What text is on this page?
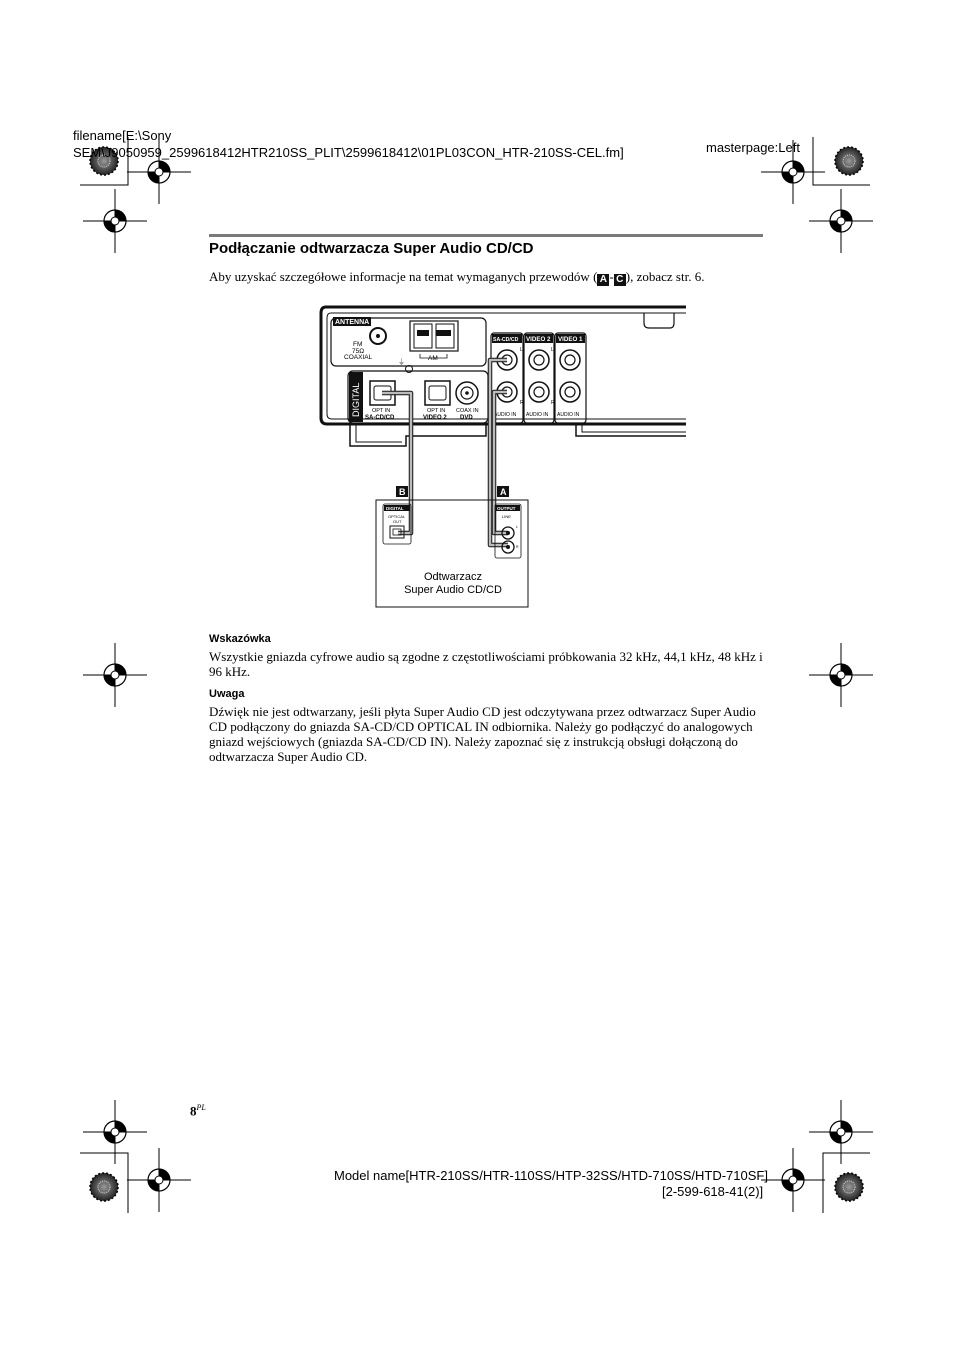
filename[E:\Sony
SEM\J9050959_2599618412HTR210SS_PLIT\2599618412\01PL03CON_HTR-210SS-CEL.fm]	masterpage:Left
Podłączanie odtwarzacza Super Audio CD/CD
Aby uzyskać szczegółowe informacje na temat wymaganych przewodów ( A - C ), zobacz str. 6.
ANTENNA
FM
75Ω
COAXIAL	AM
⏚
DIGITAL OPT IN
SA-CD/CD
OPT IN
VIDEO 2
COAX IN
DVD
SA-CD/CD VIDEO 2 VIDEO 1
L	L
R	R
AUDIO IN AUDIO IN AUDIO IN
B	A
DIGITAL
OPTICAL
OUT
OUTPUT
LINE
L
R
Odtwarzacz
Super Audio CD/CD
Wskazówka
Wszystkie gniazda cyfrowe audio są zgodne z częstotliwościami próbkowania 32 kHz, 44,1 kHz, 48 kHz i 96 kHz.
Uwaga
Dźwięk nie jest odtwarzany, jeśli płyta Super Audio CD jest odczytywana przez odtwarzacz Super Audio CD podłączony do gniazda SA-CD/CD OPTICAL IN odbiornika. Należy go podłączyć do analogowych gniazd wejściowych (gniazda SA-CD/CD IN). Należy zapoznać się z instrukcją obsługi dołączoną do odtwarzacza Super Audio CD.
$8^{PL}$
Model name[HTR-210SS/HTR-110SS/HTP-32SS/HTD-710SS/HTD-710SF]
[2-599-618-41(2)]
